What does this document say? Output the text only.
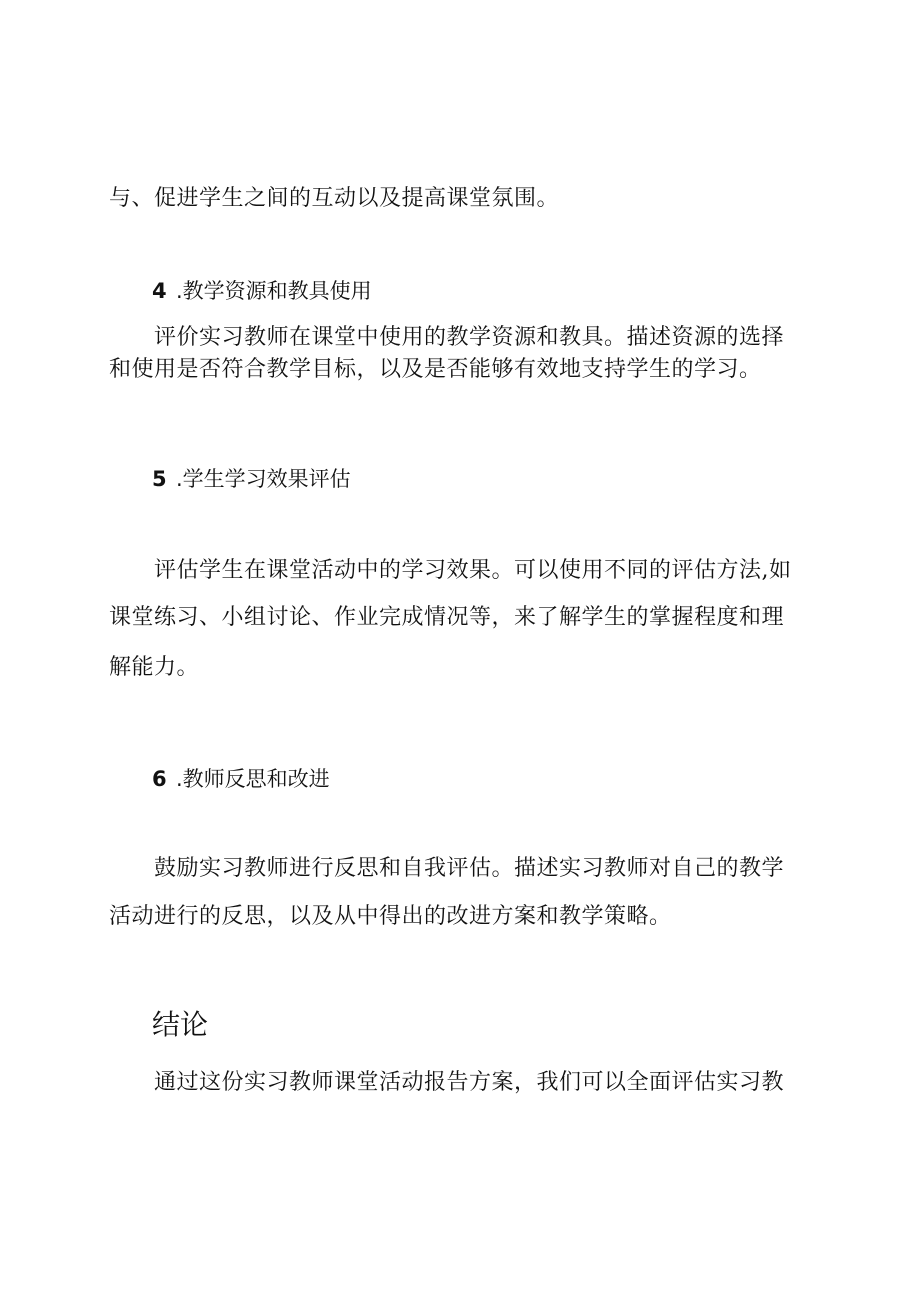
与、促进学生之间的互动以及提高课堂氛围。
4 .教学资源和教具使用
评价实习教师在课堂中使用的教学资源和教具。描述资源的选择
和使用是否符合教学目标，以及是否能够有效地支持学生的学习。
5 .学生学习效果评估
评估学生在课堂活动中的学习效果。可以使用不同的评估方法,如
课堂练习、小组讨论、作业完成情况等，来了解学生的掌握程度和理
解能力。
6 .教师反思和改进
鼓励实习教师进行反思和自我评估。描述实习教师对自己的教学
活动进行的反思，以及从中得出的改进方案和教学策略。
结论
通过这份实习教师课堂活动报告方案，我们可以全面评估实习教
